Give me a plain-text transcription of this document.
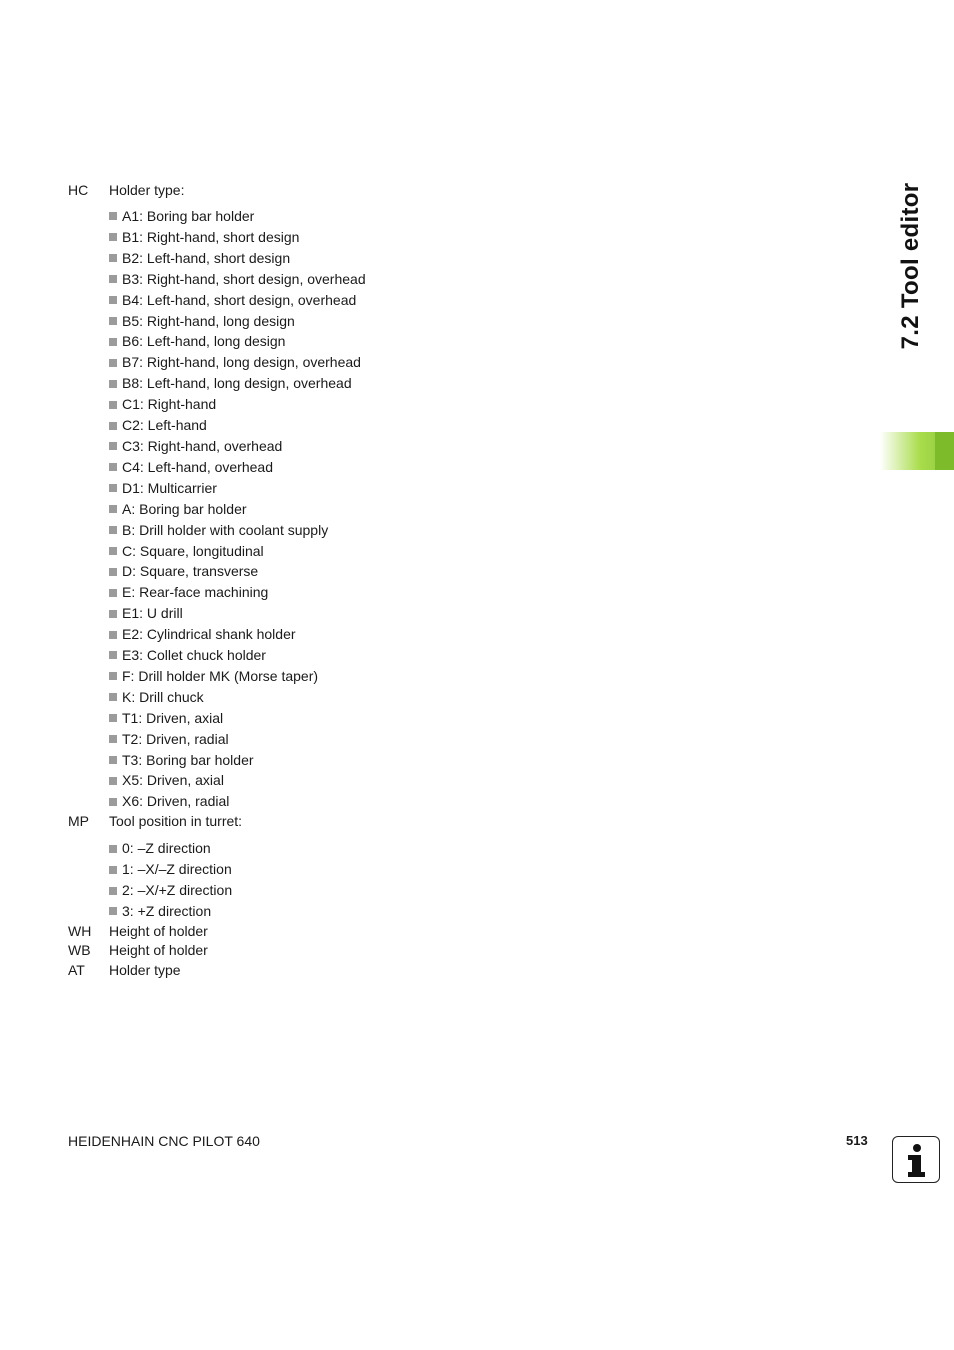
7.2 Tool editor
HC	Holder type:
A1: Boring bar holder
B1: Right-hand, short design
B2: Left-hand, short design
B3: Right-hand, short design, overhead
B4: Left-hand, short design, overhead
B5: Right-hand, long design
B6: Left-hand, long design
B7: Right-hand, long design, overhead
B8: Left-hand, long design, overhead
C1: Right-hand
C2: Left-hand
C3: Right-hand, overhead
C4: Left-hand, overhead
D1: Multicarrier
A: Boring bar holder
B: Drill holder with coolant supply
C: Square, longitudinal
D: Square, transverse
E: Rear-face machining
E1: U drill
E2: Cylindrical shank holder
E3: Collet chuck holder
F: Drill holder MK (Morse taper)
K: Drill chuck
T1: Driven, axial
T2: Driven, radial
T3: Boring bar holder
X5: Driven, axial
X6: Driven, radial
MP	Tool position in turret:
0: –Z direction
1: –X/–Z direction
2: –X/+Z direction
3: +Z direction
WH	Height of holder
WB	Height of holder
AT	Holder type
HEIDENHAIN CNC PILOT 640	513
